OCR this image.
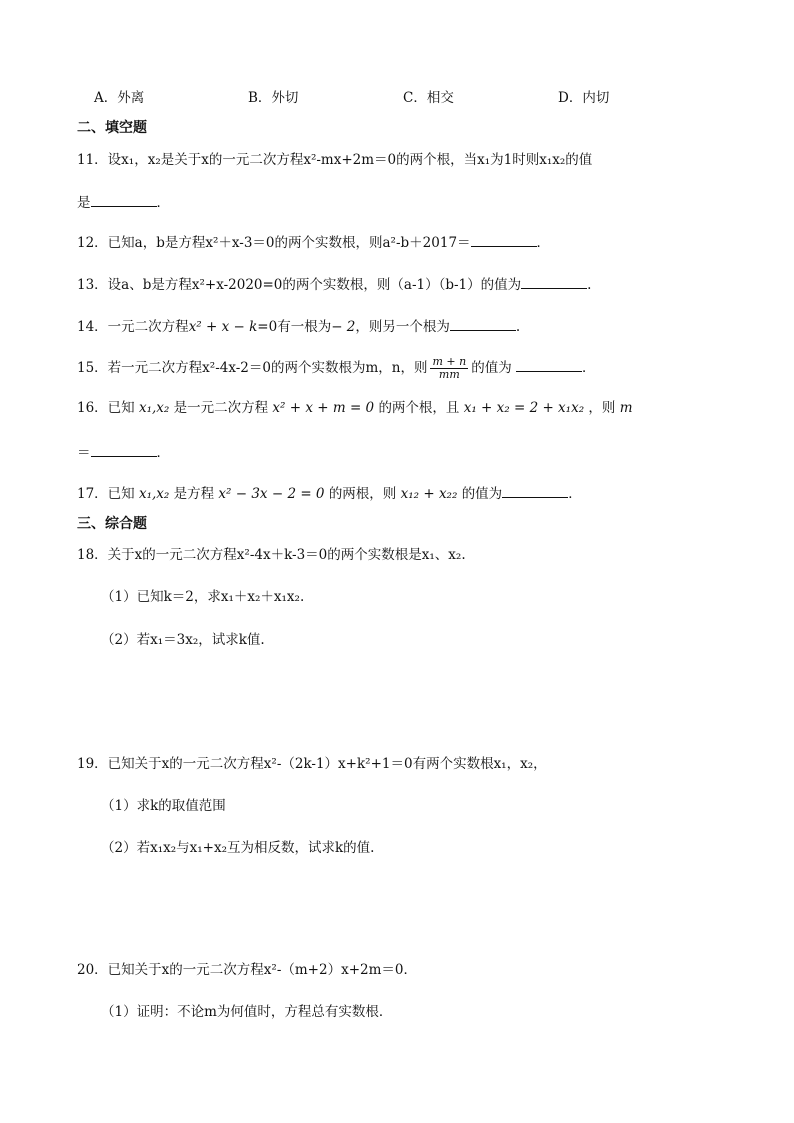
A．外离	B．外切	C．相交	D．内切
二、填空题
11．设x₁，x₂是关于x的一元二次方程x²-mx+2m＝0的两个根，当x₁为1时则x₁x₂的值
是	．
12．已知a，b是方程x²＋x-3＝0的两个实数根，则a²-b＋2017＝	．
13．设a、b是方程x²+x-2020=0的两个实数根，则（a-1）（b-1）的值为	.
14．一元二次方程x² + x − k=0有一根为− 2，则另一个根为	.
15．若一元二次方程x²-4x-2＝0的两个实数根为m，n，则 $\frac{m + n}{mm}$ 的值为	．
16．已知 x₁,x₂ 是一元二次方程 x² + x + m = 0 的两个根，且 x₁ + x₂ = 2 + x₁x₂ ，则 m
＝	．
17．已知 x₁,x₂ 是方程 x² − 3x − 2 = 0 的两根，则 x₁₂ + x₂₂ 的值为	．
三、综合题
18．关于x的一元二次方程x²-4x＋k-3＝0的两个实数根是x₁、x₂.
（1）已知k＝2，求x₁＋x₂＋x₁x₂.
（2）若x₁＝3x₂，试求k值.
19．已知关于x的一元二次方程x²-（2k-1）x+k²+1＝0有两个实数根x₁，x₂，
（1）求k的取值范围
（2）若x₁x₂与x₁+x₂互为相反数，试求k的值.
20．已知关于x的一元二次方程x²-（m+2）x+2m＝0．
（1）证明：不论m为何值时，方程总有实数根．
